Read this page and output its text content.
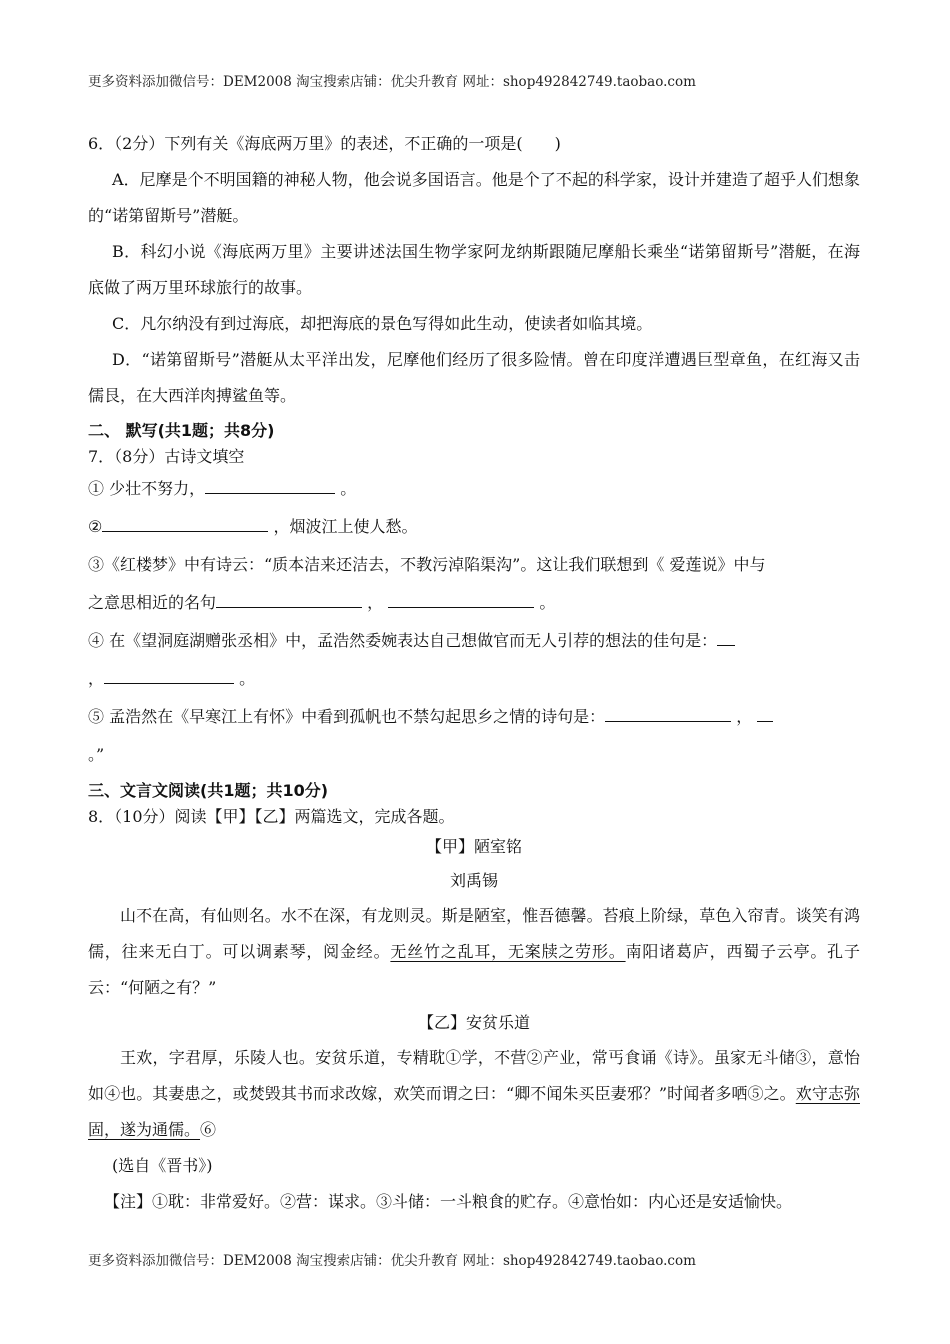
更多资料添加微信号：DEM2008 淘宝搜索店铺：优尖升教育 网址：shop492842749.taobao.com
6．（2分）下列有关《海底两万里》的表述，不正确的一项是(　　)
A．尼摩是个不明国籍的神秘人物，他会说多国语言。他是个了不起的科学家，设计并建造了超乎人们想象的“诺第留斯号”潜艇。
B．科幻小说《海底两万里》主要讲述法国生物学家阿龙纳斯跟随尼摩船长乘坐“诺第留斯号”潜艇，在海底做了两万里环球旅行的故事。
C．凡尔纳没有到过海底，却把海底的景色写得如此生动，使读者如临其境。
D．“诺第留斯号”潜艇从太平洋出发，尼摩他们经历了很多险情。曾在印度洋遭遇巨型章鱼，在红海又击儒艮，在大西洋肉搏鲨鱼等。
二、 默写(共1题；共8分)
7．（8分）古诗文填空
① 少壮不努力，	。
②	，烟波江上使人愁。
③《红楼梦》中有诗云：“质本洁来还洁去，不教污淖陷渠沟”。这让我们联想到《 爱莲说》中与
之意思相近的名句	，	。
④ 在《望洞庭湖赠张丞相》中，孟浩然委婉表达自己想做官而无人引荐的想法的佳句是：
，	。
⑤ 孟浩然在《早寒江上有怀》中看到孤帆也不禁勾起思乡之情的诗句是：	，
。”
三、文言文阅读(共1题；共10分)
8．（10分）阅读【甲】【乙】两篇选文，完成各题。
【甲】陋室铭
刘禹锡
山不在高，有仙则名。水不在深，有龙则灵。斯是陋室，惟吾德馨。苔痕上阶绿，草色入帘青。谈笑有鸿儒，往来无白丁。可以调素琴，阅金经。无丝竹之乱耳，无案牍之劳形。南阳诸葛庐，西蜀子云亭。孔子云：“何陋之有？”
【乙】安贫乐道
王欢，字君厚，乐陵人也。安贫乐道，专精耽①学，不营②产业，常丐食诵《诗》。虽家无斗储③，意怡如④也。其妻患之，或焚毁其书而求改嫁，欢笑而谓之曰：“卿不闻朱买臣妻邪？”时闻者多哂⑤之。欢守志弥固，遂为通儒。⑥
(选自《晋书》)
【注】①耽：非常爱好。②营：谋求。③斗储：一斗粮食的贮存。④意怡如：内心还是安适愉快。
更多资料添加微信号：DEM2008 淘宝搜索店铺：优尖升教育 网址：shop492842749.taobao.com
